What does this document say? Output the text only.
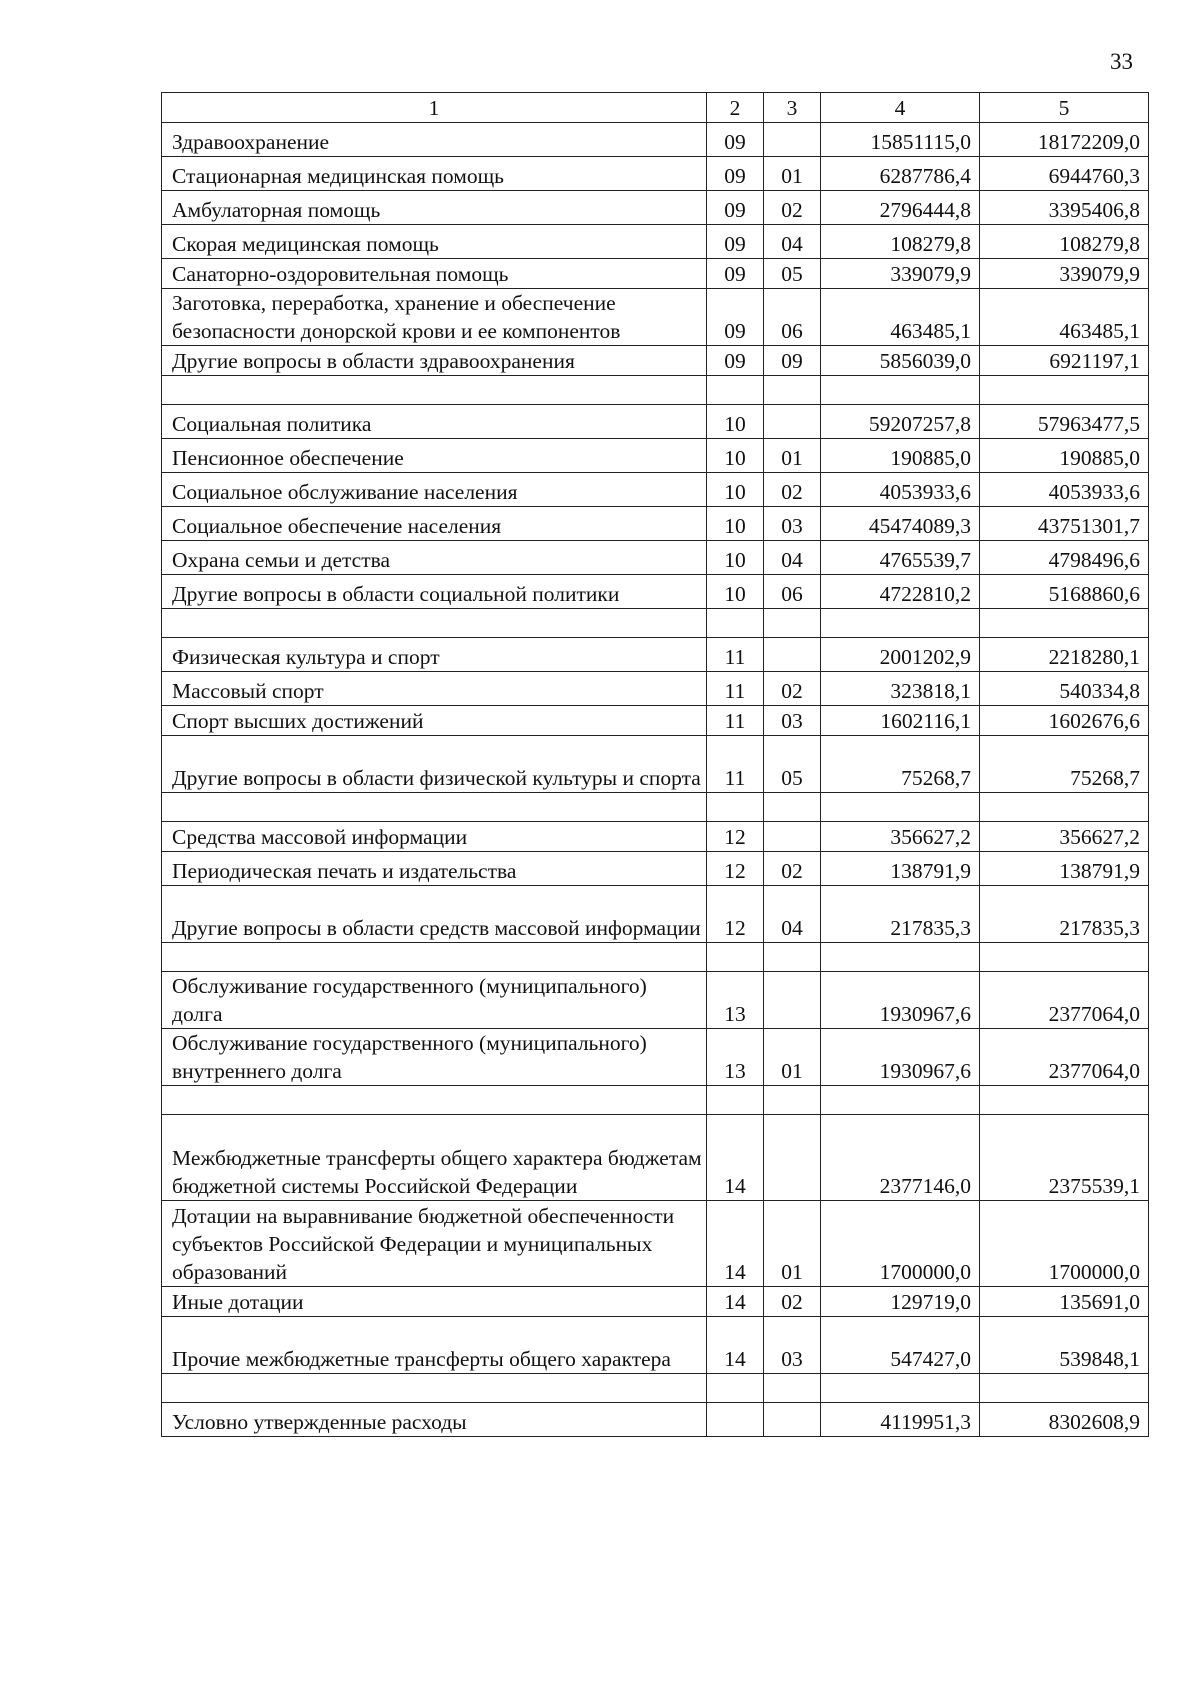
33
1	2	3	4	5
Здравоохранение	09		15851115,0	18172209,0
Стационарная медицинская помощь	09	01	6287786,4	6944760,3
Амбулаторная помощь	09	02	2796444,8	3395406,8
Скорая медицинская помощь	09	04	108279,8	108279,8
Санаторно-оздоровительная помощь	09	05	339079,9	339079,9
Заготовка, переработка, хранение и обеспечение безопасности донорской крови и ее компонентов	09	06	463485,1	463485,1
Другие вопросы в области здравоохранения	09	09	5856039,0	6921197,1

Социальная политика	10		59207257,8	57963477,5
Пенсионное обеспечение	10	01	190885,0	190885,0
Социальное обслуживание населения	10	02	4053933,6	4053933,6
Социальное обеспечение населения	10	03	45474089,3	43751301,7
Охрана семьи и детства	10	04	4765539,7	4798496,6
Другие вопросы в области социальной политики	10	06	4722810,2	5168860,6

Физическая культура и спорт	11		2001202,9	2218280,1
Массовый спорт	11	02	323818,1	540334,8
Спорт высших достижений	11	03	1602116,1	1602676,6
Другие вопросы в области физической культуры и спорта	11	05	75268,7	75268,7

Средства массовой информации	12		356627,2	356627,2
Периодическая печать и издательства	12	02	138791,9	138791,9
Другие вопросы в области средств массовой информации	12	04	217835,3	217835,3

Обслуживание государственного (муниципального) долга	13		1930967,6	2377064,0
Обслуживание государственного (муниципального) внутреннего долга	13	01	1930967,6	2377064,0

Межбюджетные трансферты общего характера бюджетам бюджетной системы Российской Федерации	14		2377146,0	2375539,1
Дотации на выравнивание бюджетной обеспеченности субъектов Российской Федерации и муниципальных образований	14	01	1700000,0	1700000,0
Иные дотации	14	02	129719,0	135691,0
Прочие межбюджетные трансферты общего характера	14	03	547427,0	539848,1

Условно утвержденные расходы			4119951,3	8302608,9
